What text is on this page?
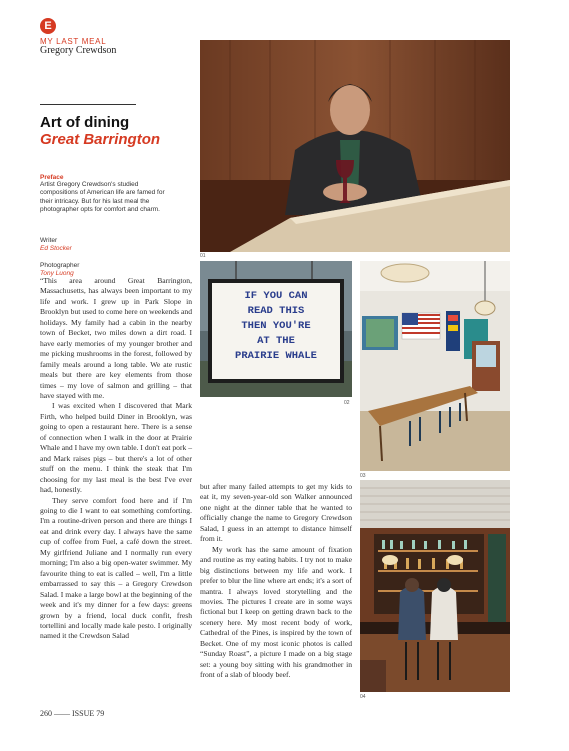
E
MY LAST MEAL
Gregory Crewdson
Art of dining
Great Barrington
Preface
Artist Gregory Crewdson's studied compositions of American life are famed for their intricacy. But for his last meal the photographer opts for comfort and charm.
Writer
Ed Stocker
Photographer
Tony Luong
01
IF YOU CAN
READ THIS
THEN YOU'RE
AT THE
PRAIRIE WHALE
02
03
04

“This area around Great Barrington, Massachusetts, has always been important to my life and work. I grew up in Park Slope in Brooklyn but used to come here on weekends and holidays. My family had a cabin in the nearby town of Becket, two miles down a dirt road. I have early memories of my younger brother and me picking mushrooms in the forest, followed by family meals around a long table. We ate rustic meals but there are key elements from those times – my love of salmon and grilling – that have stayed with me.

I was excited when I discovered that Mark Firth, who helped build Diner in Brooklyn, was going to open a restaurant here. There is a sense of connection when I walk in the door at Prairie Whale and I have my own table. I don't eat pork – and Mark raises pigs – but there's a lot of other stuff on the menu. I think the steak that I'm choosing for my last meal is the best I've ever had, honestly.

They serve comfort food here and if I'm going to die I want to eat something comforting. I'm a routine-driven person and there are things I eat and drink every day. I always have the same cup of coffee from Fuel, a café down the street. My girlfriend Juliane and I normally run every morning; I'm also a big open-water swimmer. My favourite thing to eat is called – well, I'm a little embarrassed to say this – a Gregory Crewdson Salad. I make a large bowl at the beginning of the week and it's my dinner for a few days: greens grown by a friend, local duck confit, fresh tortellini and locally made kale pesto. I originally named it the Crewdson Salad

but after many failed attempts to get my kids to eat it, my seven-year-old son Walker announced one night at the dinner table that he wanted to officially change the name to Gregory Crewdson Salad, I guess in an attempt to distance himself from it.

My work has the same amount of fixation and routine as my eating habits. I try not to make big distinctions between my life and work. I prefer to blur the line where art ends; it's a sort of mantra. I always loved storytelling and the movies. The pictures I create are in some ways fictional but I keep on getting drawn back to the scenery here. My most recent body of work, Cathedral of the Pines, is inspired by the town of Becket. One of my most iconic photos is called “Sunday Roast”, a picture I made on a big stage set: a young boy sitting with his grandmother in front of a slab of bloody beef.

260 —— ISSUE 79
